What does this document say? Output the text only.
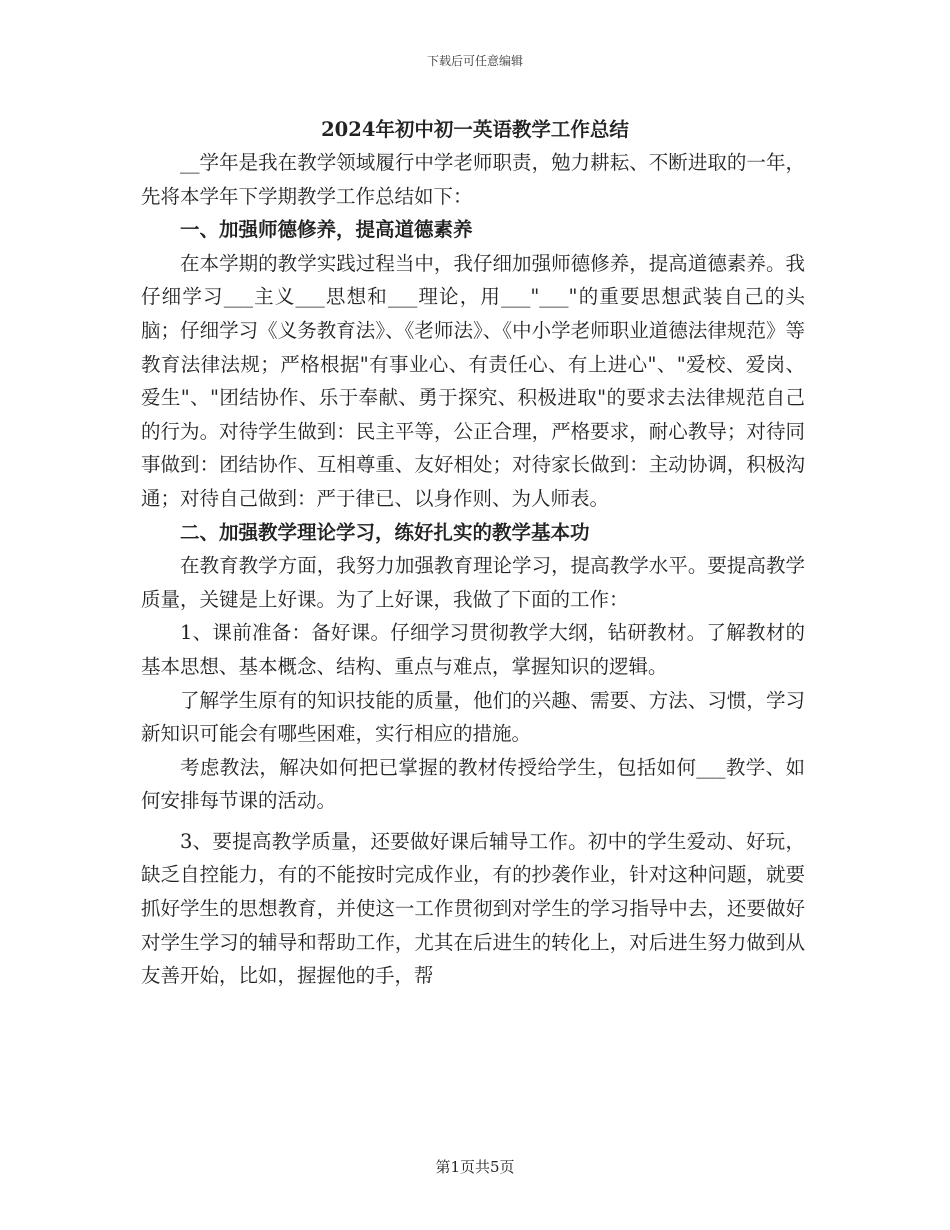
下载后可任意编辑
2024年初中初一英语教学工作总结

__学年是我在教学领域履行中学老师职责，勉力耕耘、不断进取的一年，先将本学年下学期教学工作总结如下：

一、加强师德修养，提高道德素养

在本学期的教学实践过程当中，我仔细加强师德修养，提高道德素养。我仔细学习___主义___思想和___理论，用___"___"的重要思想武装自己的头脑；仔细学习《义务教育法》、《老师法》、《中小学老师职业道德法律规范》等教育法律法规；严格根据"有事业心、有责任心、有上进心"、"爱校、爱岗、爱生"、"团结协作、乐于奉献、勇于探究、积极进取"的要求去法律规范自己的行为。对待学生做到：民主平等，公正合理，严格要求，耐心教导；对待同事做到：团结协作、互相尊重、友好相处；对待家长做到：主动协调，积极沟通；对待自己做到：严于律已、以身作则、为人师表。

二、加强教学理论学习，练好扎实的教学基本功

在教育教学方面，我努力加强教育理论学习，提高教学水平。要提高教学质量，关键是上好课。为了上好课，我做了下面的工作：

1、课前准备：备好课。仔细学习贯彻教学大纲，钻研教材。了解教材的基本思想、基本概念、结构、重点与难点，掌握知识的逻辑。

了解学生原有的知识技能的质量，他们的兴趣、需要、方法、习惯，学习新知识可能会有哪些困难，实行相应的措施。

考虑教法，解决如何把已掌握的教材传授给学生，包括如何___教学、如何安排每节课的活动。

3、要提高教学质量，还要做好课后辅导工作。初中的学生爱动、好玩，缺乏自控能力，有的不能按时完成作业，有的抄袭作业，针对这种问题，就要抓好学生的思想教育，并使这一工作贯彻到对学生的学习指导中去，还要做好对学生学习的辅导和帮助工作，尤其在后进生的转化上，对后进生努力做到从友善开始，比如，握握他的手，帮

第1页共5页
